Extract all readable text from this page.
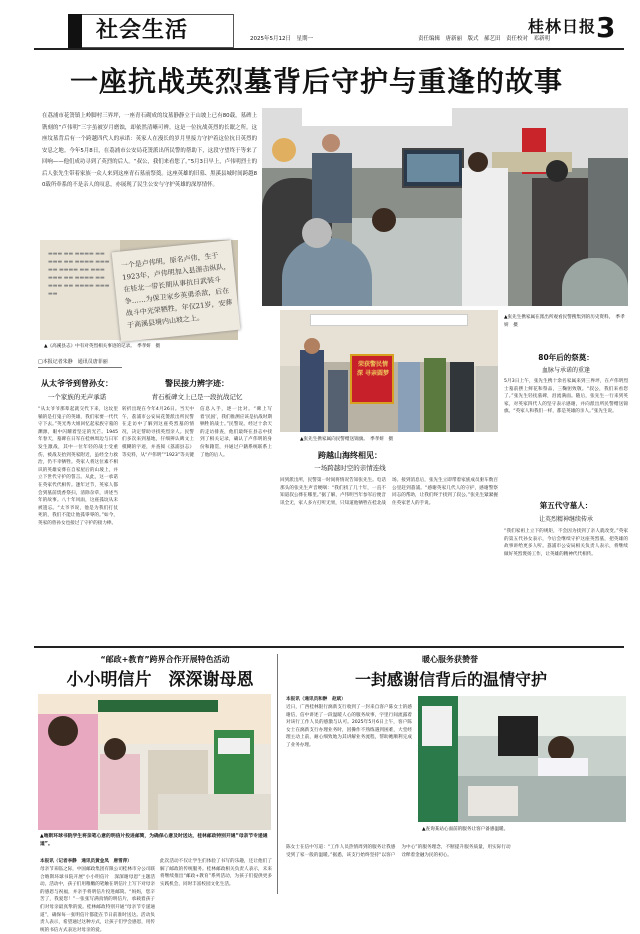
社会生活	2025年5月12日　星期一	责任编辑　唐新丽　版式　郝艺田　责任校对　邓新明
桂林日报 3
一座抗战英烈墓背后守护与重逢的故事
在荔浦市花箦镇上岭脚村三界坪，一座青石砌成的坟墓静静立于山坡上已有80载，墓碑上镌刻的“卢伟明”三字虽被岁月磨蚀，却依然清晰可辨。这是一位抗战英烈的长眠之所。这座坟墓背后有一个跨越四代人的承诺：英家人在漫长的岁月里接力守护着这位抗日英烈的安息之地。今年5月8日，在荔浦市公安局花箦派出所民警的帮助下，这段守望终于等来了回响——他们成功寻到了英烈的后人。“叔公，我们来看您了。”5月3日早上，卢伟明烈士的后人张先生带着家族一众人来到这座青石墓前祭奠。这座英雄的旧墓、黑溪县城时间跨越80载所牵系的不是亲人的叹息，亦展现了民生公安与守护英雄的深厚情怀。
一个是卢伟明，原名卢伟，生于1923年，卢伟明加入县游击纵队，在桂北一带长期从事抗日武装斗争……为保卫家乡英勇杀敌，后在战斗中光荣牺牲，年仅21岁，安葬于高溪县境内山坡之上。
▬▬▬ ▬▬ ▬▬▬▬ ▬▬ ▬▬▬ ▬▬ ▬▬▬▬ ▬▬▬ ▬▬ ▬▬▬▬ ▬▬ ▬▬▬ ▬▬▬ ▬▬ ▬▬▬▬ ▬▬ ▬▬▬ ▬▬ ▬▬▬▬ ▬▬▬ ▬▬
▲《高溪县志》中有对英烈相关事迹的记录。　季孝妍　摄
□本报记者朱静　通讯员唐菲丽	荣获警民情深 寻亲圆梦
▲张先生携家属向民警赠送锦旗。　季孝妍　摄
▲张先生携家属在派出所观看民警搜集到的历史资料。　季孝妍　摄
从太爷爷到曾孙女：
一个家族的无声承诺
“从太爷爷那辈起就交代下来，这坟里躺的是打鬼子的英雄，我们家要一代代守下去。”英光秀大姐回忆起家族守墓的渊源，眼中闪耀着坚定的光芒。1945年春天，墓碑在日军在桂林周边与日军发生激战，其中一位年轻的战士受重伤，被战友抬到英家附近，虽经全力救治，仍不幸牺牲。英家人将这位素不相识的英雄安葬在自家屋后的山坡上，并立下世代守护的誓言。从此，这一承诺在英家代代相传。逢年过节，英家人都会到墓前烧香祭扫，清除杂草，讲述当年的故事。八十年风雨，这座孤坟从未被遗忘。“太爷爷说，他是为我们打仗死的，我们不能让他孤零零的。”如今，英家的曾孙女也接过了守护的接力棒。
警民接力辨字迹：
青石板碑文上已是一段抗战记忆
转折出现在今年4月26日。当天中午，荔浦市公安局花箦派出所民警在走访中了解到这座英烈墓的情况，决定帮助寻找英烈亲人。民警们多次来到墓地，仔细辨认碑文上模糊的字迹，并查阅《荔浦县志》等史料，从“卢伟明”“1923”等关键信息入手，逐一比对。“碑上写着‘民国’，我们推测应该是抗战时期牺牲的战士。”民警说。经过十余天的走访排查，他们最终在县志中找到了相关记录，确认了卢伟明的身份和籍贯，并通过户籍系统联系上了他的后人。	跨越山海终相见：
一场跨越时空的亲情连线
回到派出所，民警第一时间将情况告知张先生。电话那头的张先生声音哽咽：“我们找了几十年，一直不知道叔公葬在哪里。”据了解，卢伟明当年参军后便音讯全无，家人多方打听无果，只知道他牺牲在桂北战场。接到消息后，张先生立即带着家族成员驱车数百公里赶到荔浦。“感谢英家几代人的守护，感谢警察同志的帮助，让我们终于找到了叔公。”张先生紧紧握住英家老人的手说。
80年后的祭奠：
血脉与承诺的重逢
5月3日上午，张先生携十余名家属来到三界坪，在卢伟明烈士墓前摆上鲜花和祭品，三鞠躬致敬。“叔公，我们来看您了。”张先生轻抚墓碑，泪流满面。随后，张先生一行来到英家，对英家四代人的坚守表示感谢，并向派出所民警赠送锦旗。“英家人和我们一样，都是英雄的亲人。”张先生说。
第五代守墓人：
让英烈精神继续传承
“我们家祖上立下的规矩，不会因为找到了亲人就改变。”英家的第五代孙女表示，今后会继续守护这座英烈墓，把英雄的故事讲给更多人听。荔浦市公安局相关负责人表示，将继续做好英烈褒扬工作，让英雄的精神代代相传。
“邮政+教育”跨界合作开展特色活动
小小明信片　深深谢母恩
▲喀斯环球书院学生将亲笔心意的明信片投进邮筒，为确保心意及时送达，桂林邮政特别开通“母亲节专递通道”。
本报讯（记者李静　通讯员黄金凤　唐雪萍）
母亲节来临之际，中国邮政集团有限公司桂林市分公司联合喀斯环球书院开展“小小明信片　深深谢母恩”主题活动。活动中，孩子们用稚嫩的笔触在明信片上写下对母亲的感恩与祝福，并亲手将明信片投进邮筒。“妈妈，您辛苦了，我爱您！”一张张写满真情的明信片，承载着孩子们对母亲最真挚的爱。桂林邮政特别开通“母亲节专递通道”，确保每一张明信片都能在节日前准时送达。活动负责人表示，希望通过这种方式，让孩子们学会感恩，用传统的书信方式表达对母亲的爱。
此次活动不仅让学生们体验了书写的乐趣，还让他们了解了邮政的传统服务。桂林邮政相关负责人表示，未来将继续推出“邮政+教育”系列活动，为孩子们提供更多实践机会，同时丰富校园文化生活。
暖心服务获赞誉
一封感谢信背后的温情守护
本报讯（通讯员和翀　赵斌）
近日，广西桂林银行漓新支行收到了一封来自客户陈女士的感谢信，信中讲述了一段温暖人心的服务故事，字里行间流露着对该行工作人员的感激与认可。2025年5月6日上午，客户陈女士在漓新支行办理业务时，因操作不熟练遇到困难，大堂经理主动上前，耐心细致地为其讲解业务流程，帮助她顺利完成了业务办理。
陈女士在信中写道：“工作人员热情周到的服务让我感受到了家一般的温暖。”据悉，该支行始终坚持“以客户为中心”的服务理念，不断提升服务质量，用实际行动诠释着金融为民的初心。
▲查询某站心面前的服务让客户备感温暖。
